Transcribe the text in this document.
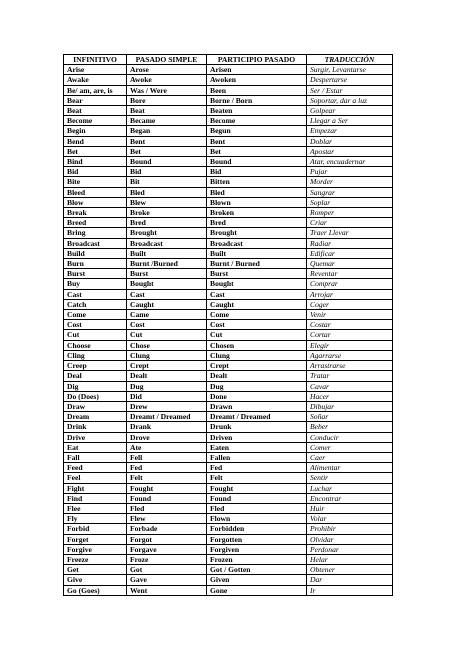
INFINITIVO	PASADO SIMPLE	PARTICIPIO PASADO	TRADUCCIÓN
Arise	Arose	Arisen	Surgir, Levantarse
Awake	Awoke	Awoken	Despertarse
Be/ am, are, is	Was / Were	Been	Ser / Estar
Bear	Bore	Borne / Born	Soportar, dar a luz
Beat	Beat	Beaten	Golpear
Become	Became	Become	Llegar a Ser
Begin	Began	Begun	Empezar
Bend	Bent	Bent	Doblar
Bet	Bet	Bet	Apostar
Bind	Bound	Bound	Atar, encuadernar
Bid	Bid	Bid	Pujar
Bite	Bit	Bitten	Morder
Bleed	Bled	Bled	Sangrar
Blow	Blew	Blown	Soplar
Break	Broke	Broken	Romper
Breed	Bred	Bred	Criar
Bring	Brought	Brought	Traer Llevar
Broadcast	Broadcast	Broadcast	Radiar
Build	Built	Built	Edificar
Burn	Burnt /Burned	Burnt / Burned	Quemar
Burst	Burst	Burst	Reventar
Buy	Bought	Bought	Comprar
Cast	Cast	Cast	Arrojar
Catch	Caught	Caught	Coger
Come	Came	Come	Venir
Cost	Cost	Cost	Costar
Cut	Cut	Cut	Cortar
Choose	Chose	Chosen	Elegir
Cling	Clung	Clung	Agarrarse
Creep	Crept	Crept	Arrastrarse
Deal	Dealt	Dealt	Tratar
Dig	Dug	Dug	Cavar
Do (Does)	Did	Done	Hacer
Draw	Drew	Drawn	Dibujar
Dream	Dreamt / Dreamed	Dreamt / Dreamed	Soñar
Drink	Drank	Drunk	Beber
Drive	Drove	Driven	Conducir
Eat	Ate	Eaten	Comer
Fall	Fell	Fallen	Caer
Feed	Fed	Fed	Alimentar
Feel	Felt	Felt	Sentir
Fight	Fought	Fought	Luchar
Find	Found	Found	Encontrar
Flee	Fled	Fled	Huir
Fly	Flew	Flown	Volar
Forbid	Forbade	Forbidden	Prohibir
Forget	Forgot	Forgotten	Olvidar
Forgive	Forgave	Forgiven	Perdonar
Freeze	Froze	Frozen	Helar
Get	Got	Got / Gotten	Obtener
Give	Gave	Given	Dar
Go (Goes)	Went	Gone	Ir
